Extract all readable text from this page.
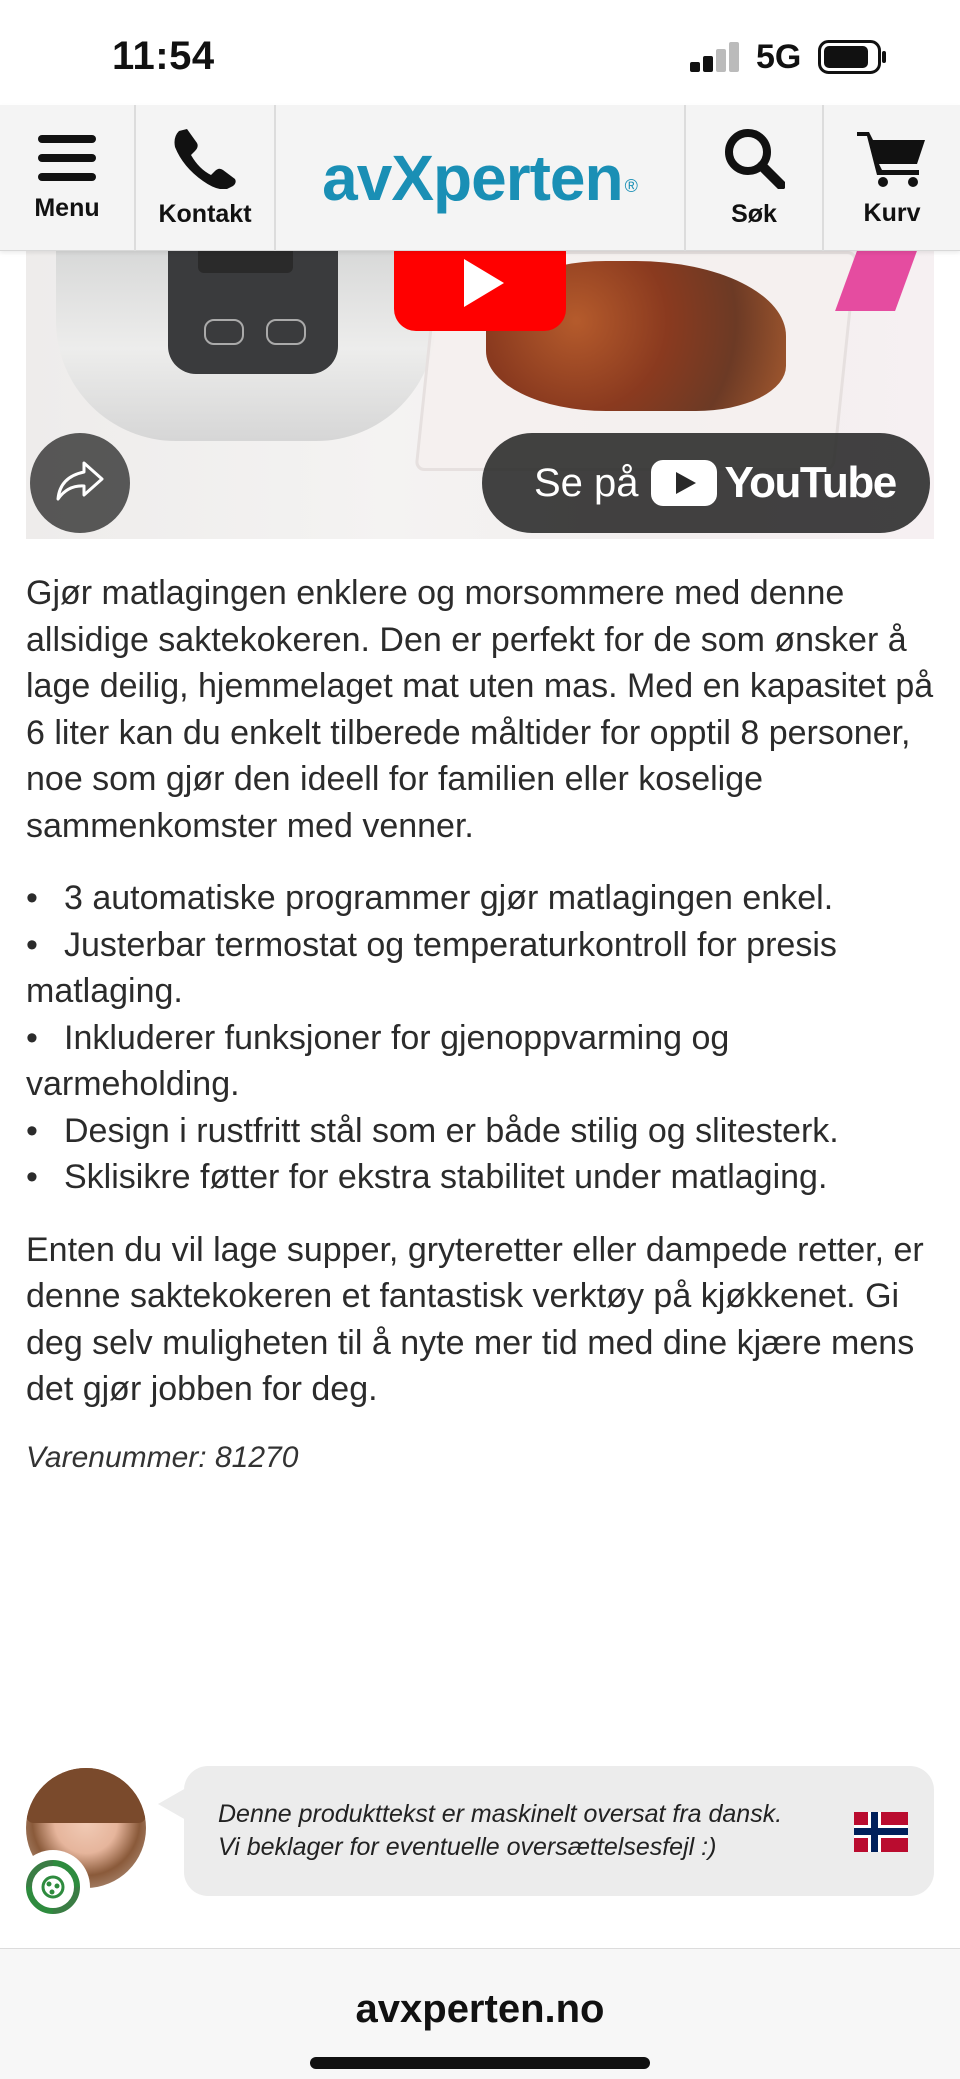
11:54	5G
Menu Kontakt avXperten ®
Søk	Kurv
Se på YouTube

Gjør matlagingen enklere og morsommere med denne allsidige saktekokeren. Den er perfekt for de som ønsker å lage deilig, hjemmelaget mat uten mas. Med en kapasitet på 6 liter kan du enkelt tilberede måltider for opptil 8 personer, noe som gjør den ideell for familien eller koselige sammenkomster med venner.

• 3 automatiske programmer gjør matlagingen enkel.
• Justerbar termostat og temperaturkontroll for presis matlaging.
• Inkluderer funksjoner for gjenoppvarming og varmeholding.
• Design i rustfritt stål som er både stilig og slitesterk.
• Sklisikre føtter for ekstra stabilitet under matlaging.

Enten du vil lage supper, gryteretter eller dampede retter, er denne saktekokeren et fantastisk verktøy på kjøkkenet. Gi deg selv muligheten til å nyte mer tid med dine kjære mens det gjør jobben for deg.

Varenummer: 81270

Denne produkttekst er maskinelt oversat fra dansk.
Vi beklager for eventuelle oversættelsesfejl :)
avxperten.no
